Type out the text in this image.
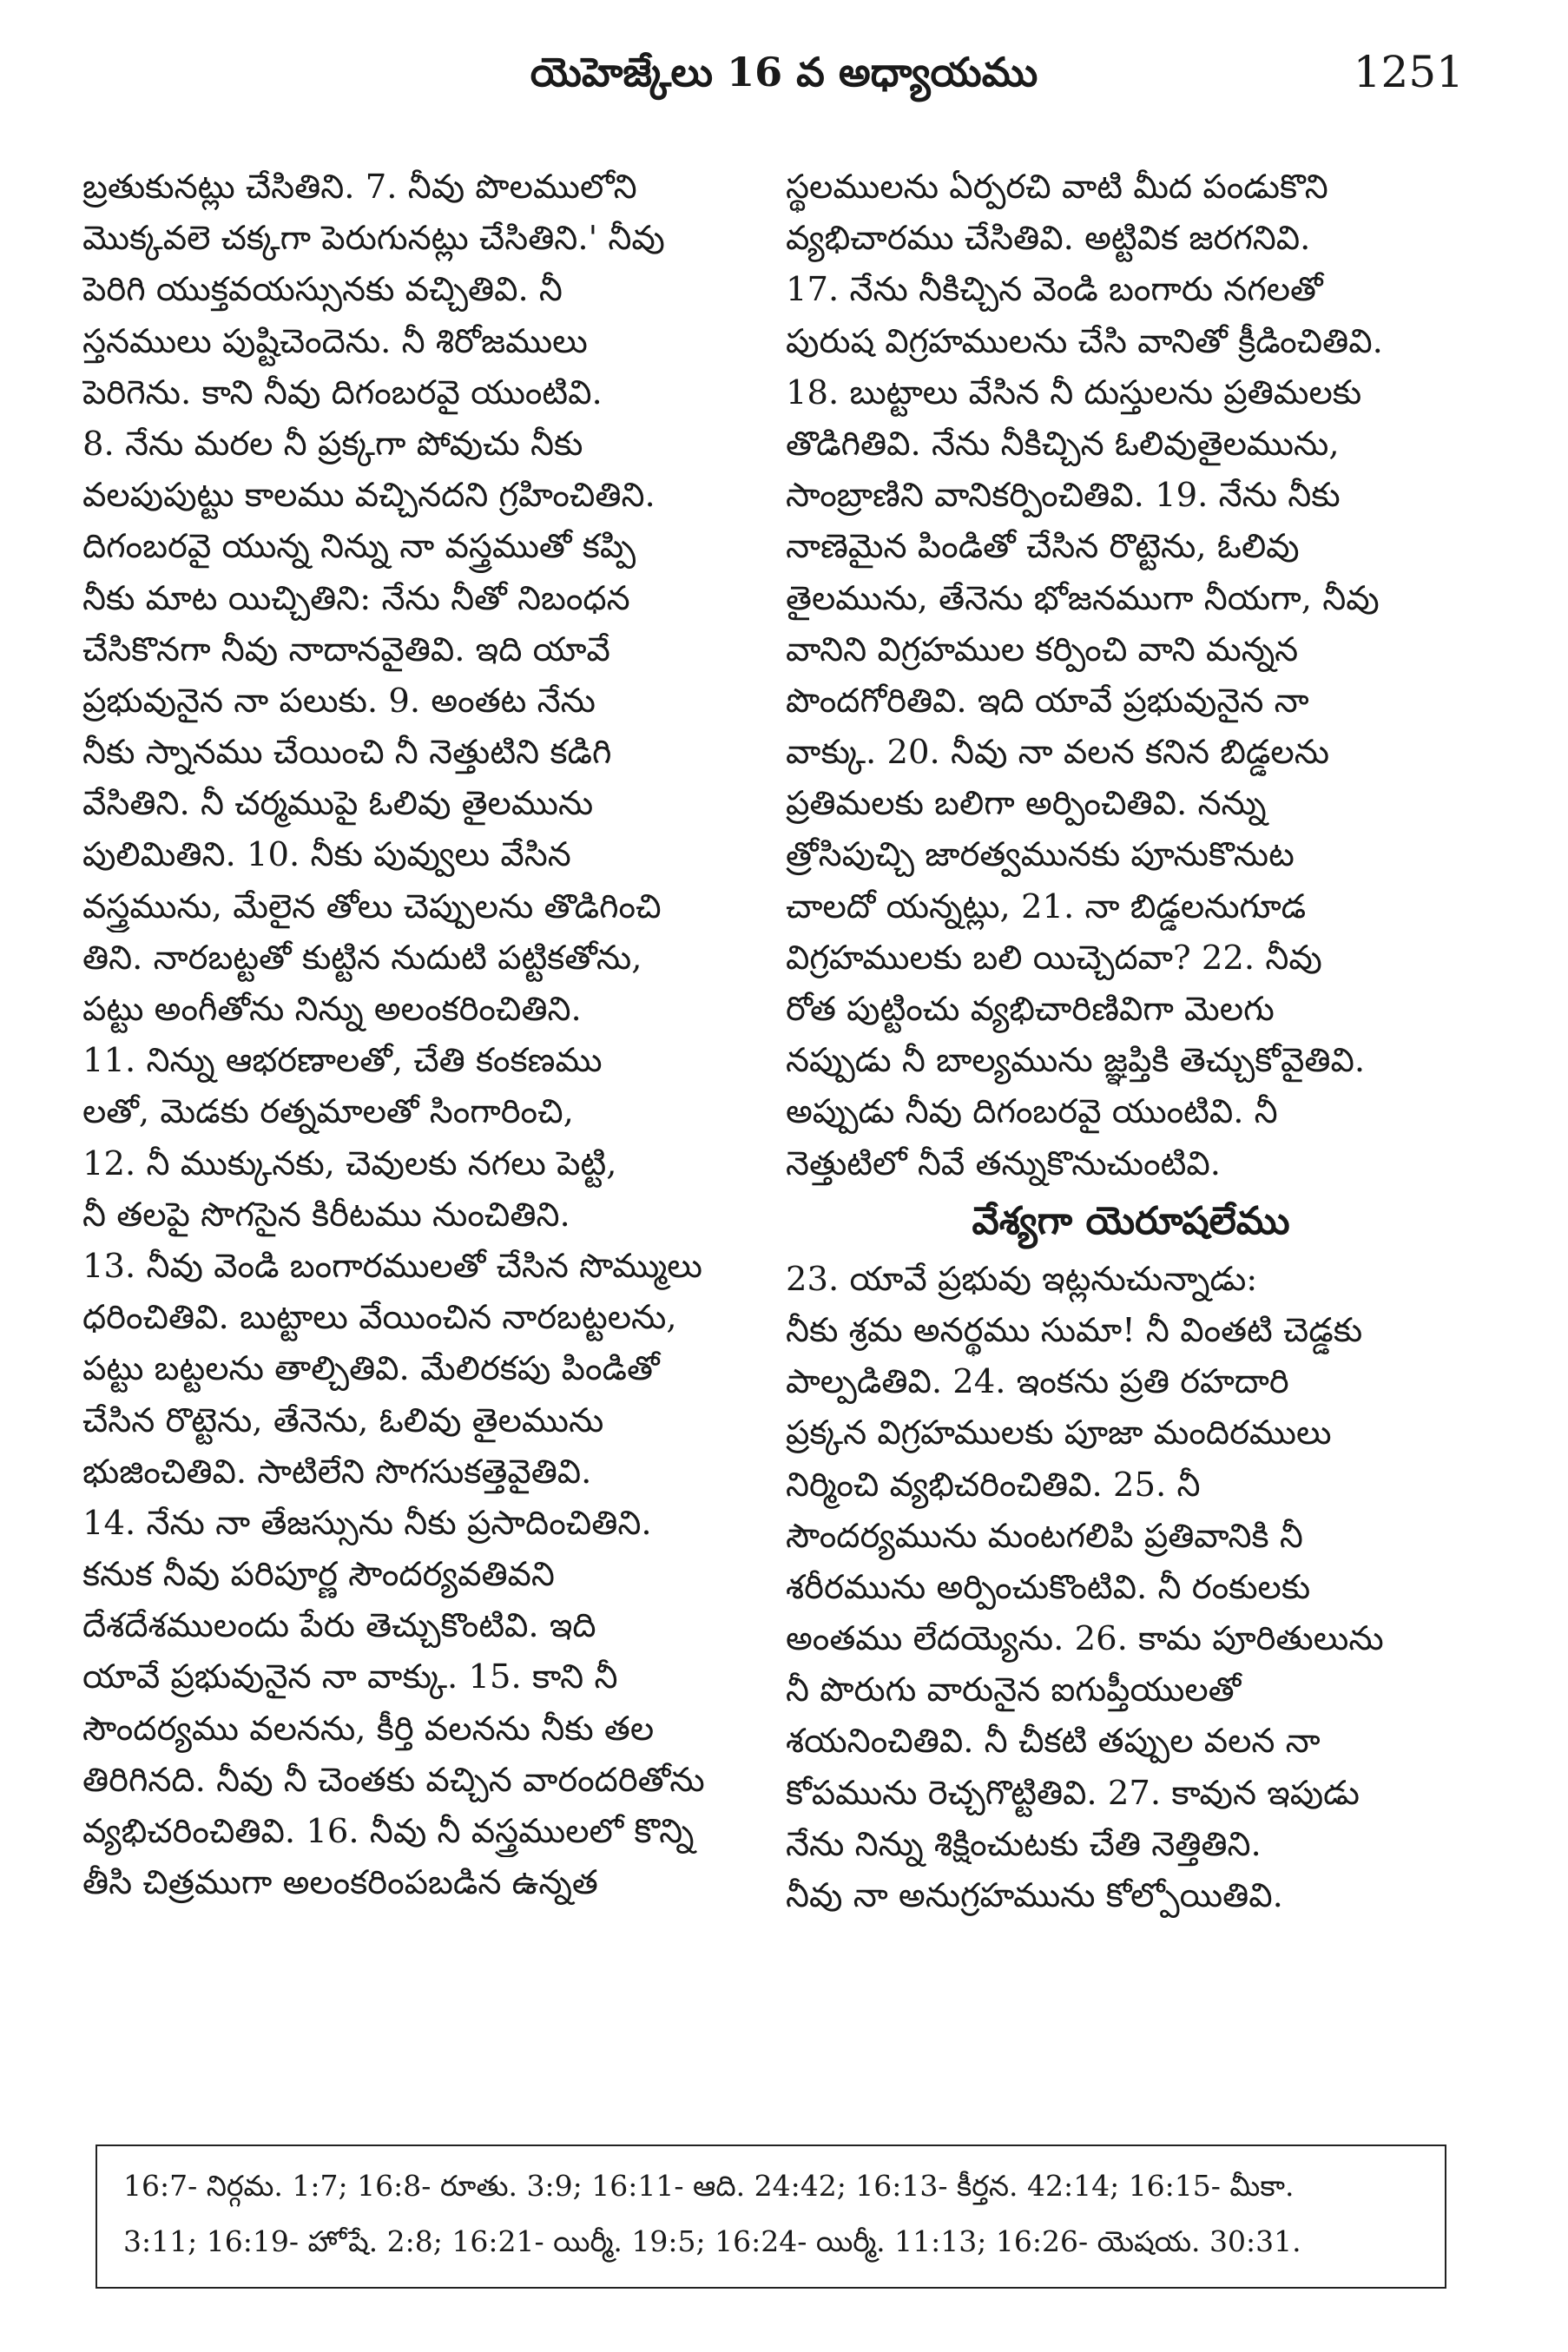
యెహెజ్కేలు 16 వ అధ్యాయము	1251
బ్రతుకునట్లు చేసితిని. 7. నీవు పొలములోని
మొక్కవలె చక్కగా పెరుగునట్లు చేసితిని.' నీవు
పెరిగి యుక్తవయస్సునకు వచ్చితివి. నీ
స్తనములు పుష్టిచెందెను. నీ శిరోజములు
పెరిగెను. కాని నీవు దిగంబరవై యుంటివి.
8. నేను మరల నీ ప్రక్కగా పోవుచు నీకు
వలపుపుట్టు కాలము వచ్చినదని గ్రహించితిని.
దిగంబరవై యున్న నిన్ను నా వస్త్రముతో కప్పి
నీకు మాట యిచ్చితిని: నేను నీతో నిబంధన
చేసికొనగా నీవు నాదానవైతివి. ఇది యావే
ప్రభువునైన నా పలుకు. 9. అంతట నేను
నీకు స్నానము చేయించి నీ నెత్తుటిని కడిగి
వేసితిని. నీ చర్మముపై ఓలివు తైలమును
పులిమితిని. 10. నీకు పువ్వులు వేసిన
వస్త్రమును, మేలైన తోలు చెప్పులను తొడిగించి
తిని. నారబట్టతో కుట్టిన నుదుటి పట్టికతోను,
పట్టు అంగీతోను నిన్ను అలంకరించితిని.
11. నిన్ను ఆభరణాలతో, చేతి కంకణము
లతో, మెడకు రత్నమాలతో సింగారించి,
12. నీ ముక్కునకు, చెవులకు నగలు పెట్టి,
నీ తలపై సొగసైన కిరీటము నుంచితిని.
13. నీవు వెండి బంగారములతో చేసిన సొమ్ములు
ధరించితివి. బుట్టాలు వేయించిన నారబట్టలను,
పట్టు బట్టలను తాల్చితివి. మేలిరకపు పిండితో
చేసిన రొట్టెను, తేనెను, ఓలివు తైలమును
భుజించితివి. సాటిలేని సొగసుకత్తెవైతివి.
14. నేను నా తేజస్సును నీకు ప్రసాదించితిని.
కనుక నీవు పరిపూర్ణ సౌందర్యవతివని
దేశదేశములందు పేరు తెచ్చుకొంటివి. ఇది
యావే ప్రభువునైన నా వాక్కు. 15. కాని నీ
సౌందర్యము వలనను, కీర్తి వలనను నీకు తల
తిరిగినది. నీవు నీ చెంతకు వచ్చిన వారందరితోను
వ్యభిచరించితివి. 16. నీవు నీ వస్త్రములలో కొన్ని
తీసి చిత్రముగా అలంకరింపబడిన ఉన్నత
స్థలములను ఏర్పరచి వాటి మీద పండుకొని
వ్యభిచారము చేసితివి. అట్టివిక జరగనివి.
17. నేను నీకిచ్చిన వెండి బంగారు నగలతో
పురుష విగ్రహములను చేసి వానితో క్రీడించితివి.
18. బుట్టాలు వేసిన నీ దుస్తులను ప్రతిమలకు
తొడిగితివి. నేను నీకిచ్చిన ఓలివుతైలమును,
సాంబ్రాణిని వానికర్పించితివి. 19. నేను నీకు
నాణెమైన పిండితో చేసిన రొట్టెను, ఓలివు
తైలమును, తేనెను భోజనముగా నీయగా, నీవు
వానిని విగ్రహముల కర్పించి వాని మన్నన
పొందగోరితివి. ఇది యావే ప్రభువునైన నా
వాక్కు. 20. నీవు నా వలన కనిన బిడ్డలను
ప్రతిమలకు బలిగా అర్పించితివి. నన్ను
త్రోసిపుచ్చి జారత్వమునకు పూనుకొనుట
చాలదో యన్నట్లు, 21. నా బిడ్డలనుగూడ
విగ్రహములకు బలి యిచ్చెదవా? 22. నీవు
రోత పుట్టించు వ్యభిచారిణివిగా మెలగు
నప్పుడు నీ బాల్యమును జ్ఞప్తికి తెచ్చుకోవైతివి.
అప్పుడు నీవు దిగంబరవై యుంటివి. నీ
నెత్తుటిలో నీవే తన్నుకొనుచుంటివి.
వేశ్యగా యెరూషలేము
23. యావే ప్రభువు ఇట్లనుచున్నాడు:
నీకు శ్రమ అనర్థము సుమా! నీ వింతటి చెడ్డకు
పాల్పడితివి. 24. ఇంకను ప్రతి రహదారి
ప్రక్కన విగ్రహములకు పూజా మందిరములు
నిర్మించి వ్యభిచరించితివి. 25. నీ
సౌందర్యమును మంటగలిపి ప్రతివానికి నీ
శరీరమును అర్పించుకొంటివి. నీ రంకులకు
అంతము లేదయ్యెను. 26. కామ పూరితులును
నీ పొరుగు వారునైన ఐగుప్తీయులతో
శయనించితివి. నీ చీకటి తప్పుల వలన నా
కోపమును రెచ్చగొట్టితివి. 27. కావున ఇపుడు
నేను నిన్ను శిక్షించుటకు చేతి నెత్తితిని.
నీవు నా అనుగ్రహమును కోల్పోయితివి.
16:7- నిర్గమ. 1:7; 16:8- రూతు. 3:9; 16:11- ఆది. 24:42; 16:13- కీర్తన. 42:14; 16:15- మీకా.
3:11; 16:19- హోషే. 2:8; 16:21- యిర్మీ. 19:5; 16:24- యిర్మీ. 11:13; 16:26- యెషయ. 30:31.
